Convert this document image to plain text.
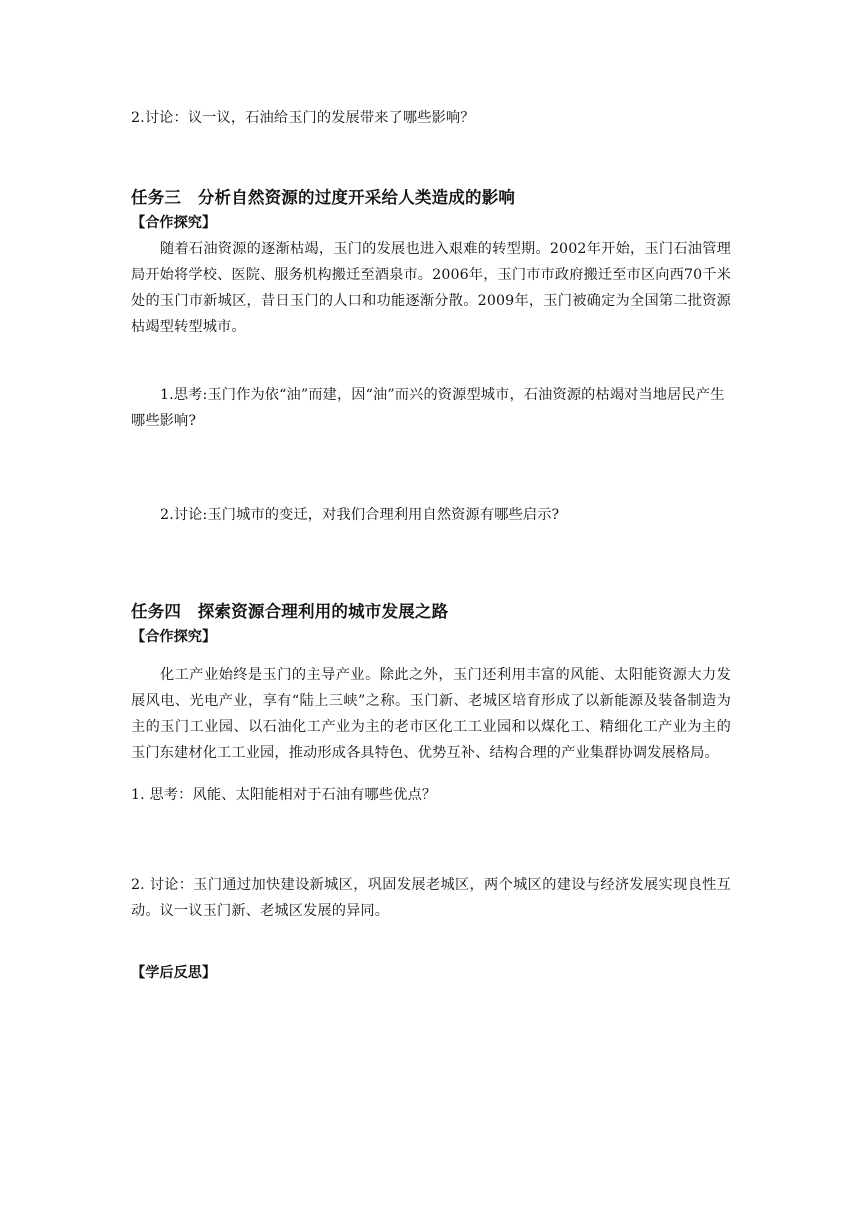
2.讨论：议一议，石油给玉门的发展带来了哪些影响？
任务三　分析自然资源的过度开采给人类造成的影响
【合作探究】
随着石油资源的逐渐枯竭，玉门的发展也进入艰难的转型期。2002年开始，玉门石油管理局开始将学校、医院、服务机构搬迁至酒泉市。2006年，玉门市市政府搬迁至市区向西70千米处的玉门市新城区，昔日玉门的人口和功能逐渐分散。2009年，玉门被确定为全国第二批资源枯竭型转型城市。
1.思考:玉门作为依“油”而建，因“油”而兴的资源型城市，石油资源的枯竭对当地居民产生哪些影响?
2.讨论:玉门城市的变迁，对我们合理利用自然资源有哪些启示?
任务四　探索资源合理利用的城市发展之路
【合作探究】
化工产业始终是玉门的主导产业。除此之外，玉门还利用丰富的风能、太阳能资源大力发展风电、光电产业，享有“陆上三峡”之称。玉门新、老城区培育形成了以新能源及装备制造为主的玉门工业园、以石油化工产业为主的老市区化工工业园和以煤化工、精细化工产业为主的玉门东建材化工工业园，推动形成各具特色、优势互补、结构合理的产业集群协调发展格局。
1. 思考：风能、太阳能相对于石油有哪些优点？
2. 讨论：玉门通过加快建设新城区，巩固发展老城区，两个城区的建设与经济发展实现良性互动。议一议玉门新、老城区发展的异同。
【学后反思】
